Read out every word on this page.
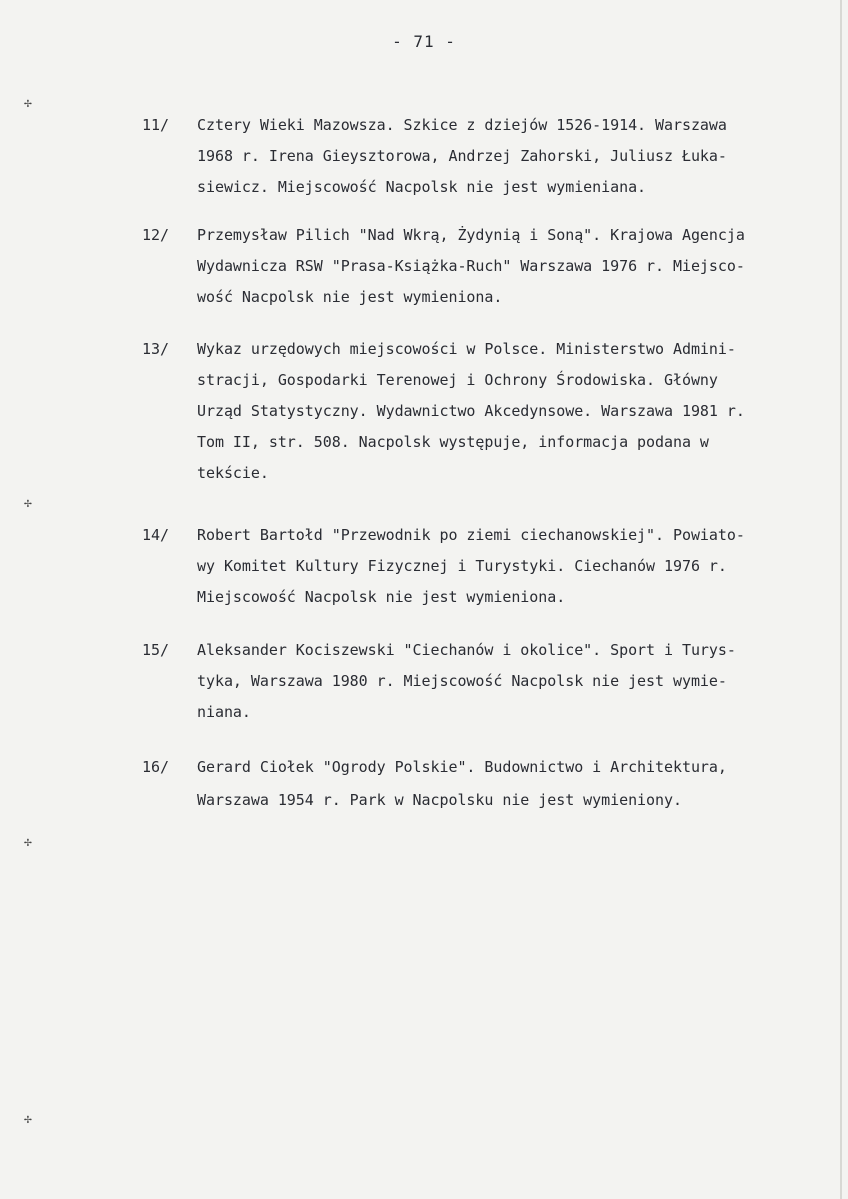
✢
✢
✢
✢
- 71 -
11/	Cztery Wieki Mazowsza. Szkice z dziejów 1526-1914. Warszawa
1968 r. Irena Gieysztorowa, Andrzej Zahorski, Juliusz Łuka-
siewicz. Miejscowość Nacpolsk nie jest wymieniana.
12/	Przemysław Pilich "Nad Wkrą, Żydynią i Soną". Krajowa Agencja
Wydawnicza RSW "Prasa-Książka-Ruch" Warszawa 1976 r. Miejsco-
wość Nacpolsk nie jest wymieniona.
13/	Wykaz urzędowych miejscowości w Polsce. Ministerstwo Admini-
stracji, Gospodarki Terenowej i Ochrony Środowiska. Główny
Urząd Statystyczny. Wydawnictwo Akcedynsowe. Warszawa 1981 r.
Tom II, str. 508. Nacpolsk występuje, informacja podana w
tekście.
14/	Robert Bartołd "Przewodnik po ziemi ciechanowskiej". Powiato-
wy Komitet Kultury Fizycznej i Turystyki. Ciechanów 1976 r.
Miejscowość Nacpolsk nie jest wymieniona.
15/	Aleksander Kociszewski "Ciechanów i okolice". Sport i Turys-
tyka, Warszawa 1980 r. Miejscowość Nacpolsk nie jest wymie-
niana.
16/	Gerard Ciołek "Ogrody Polskie". Budownictwo i Architektura,
Warszawa 1954 r. Park w Nacpolsku nie jest wymieniony.
